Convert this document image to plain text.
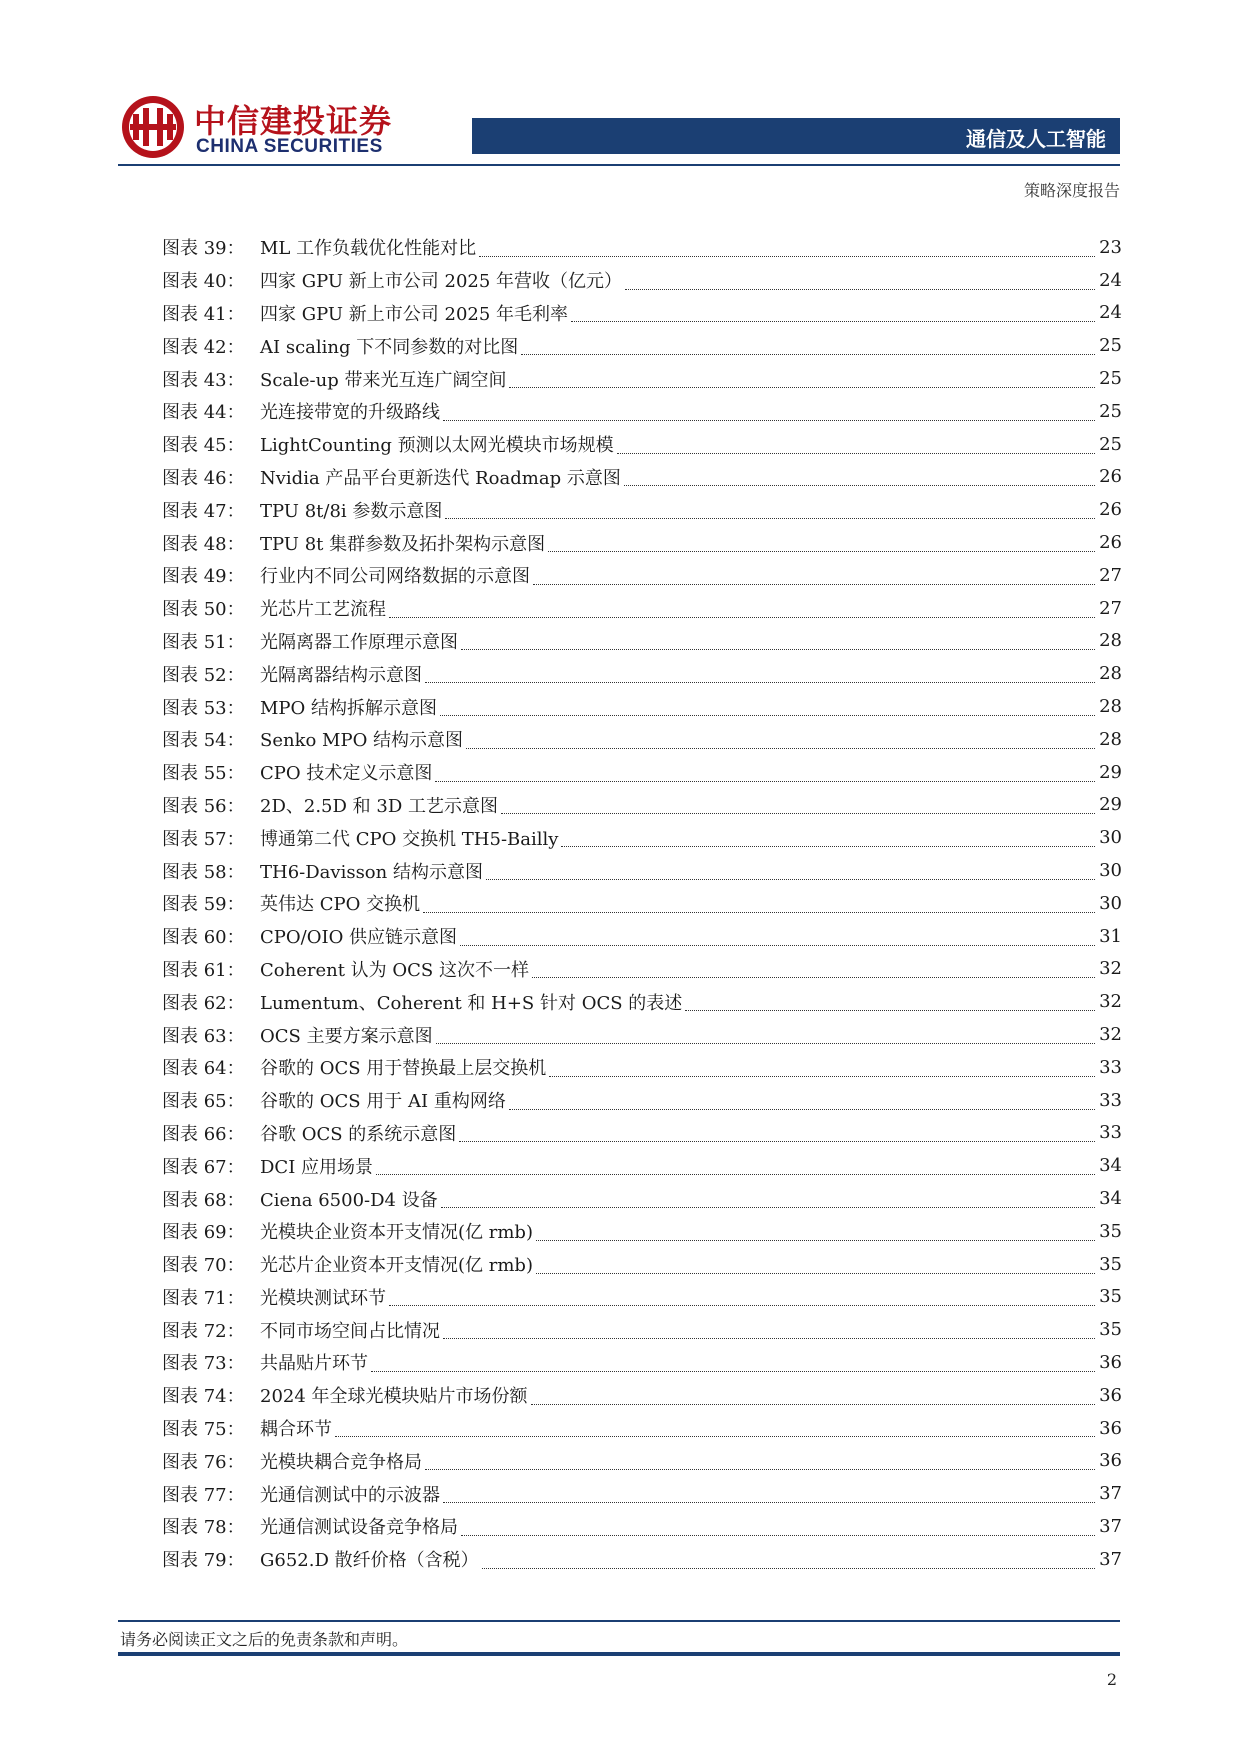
中信建投证券
CHINA SECURITIES	通信及人工智能
策略深度报告
图表 39： ML 工作负载优化性能对比	23
图表 40： 四家 GPU 新上市公司 2025 年营收（亿元）	24
图表 41： 四家 GPU 新上市公司 2025 年毛利率	24
图表 42： AI scaling 下不同参数的对比图	25
图表 43： Scale-up 带来光互连广阔空间	25
图表 44： 光连接带宽的升级路线	25
图表 45： LightCounting 预测以太网光模块市场规模	25
图表 46： Nvidia 产品平台更新迭代 Roadmap 示意图	26
图表 47： TPU 8t/8i 参数示意图	26
图表 48： TPU 8t 集群参数及拓扑架构示意图	26
图表 49： 行业内不同公司网络数据的示意图	27
图表 50： 光芯片工艺流程	27
图表 51： 光隔离器工作原理示意图	28
图表 52： 光隔离器结构示意图	28
图表 53： MPO 结构拆解示意图	28
图表 54： Senko MPO 结构示意图	28
图表 55： CPO 技术定义示意图	29
图表 56： 2D、2.5D 和 3D 工艺示意图	29
图表 57： 博通第二代 CPO 交换机 TH5-Bailly	30
图表 58： TH6-Davisson 结构示意图	30
图表 59： 英伟达 CPO 交换机	30
图表 60： CPO/OIO 供应链示意图	31
图表 61： Coherent 认为 OCS 这次不一样	32
图表 62： Lumentum、Coherent 和 H+S 针对 OCS 的表述	32
图表 63： OCS 主要方案示意图	32
图表 64： 谷歌的 OCS 用于替换最上层交换机	33
图表 65： 谷歌的 OCS 用于 AI 重构网络	33
图表 66： 谷歌 OCS 的系统示意图	33
图表 67： DCI 应用场景	34
图表 68： Ciena 6500-D4 设备	34
图表 69： 光模块企业资本开支情况(亿 rmb)	35
图表 70： 光芯片企业资本开支情况(亿 rmb)	35
图表 71： 光模块测试环节	35
图表 72： 不同市场空间占比情况	35
图表 73： 共晶贴片环节	36
图表 74： 2024 年全球光模块贴片市场份额	36
图表 75： 耦合环节	36
图表 76： 光模块耦合竞争格局	36
图表 77： 光通信测试中的示波器	37
图表 78： 光通信测试设备竞争格局	37
图表 79： G652.D 散纤价格（含税）	37
请务必阅读正文之后的免责条款和声明。
2
